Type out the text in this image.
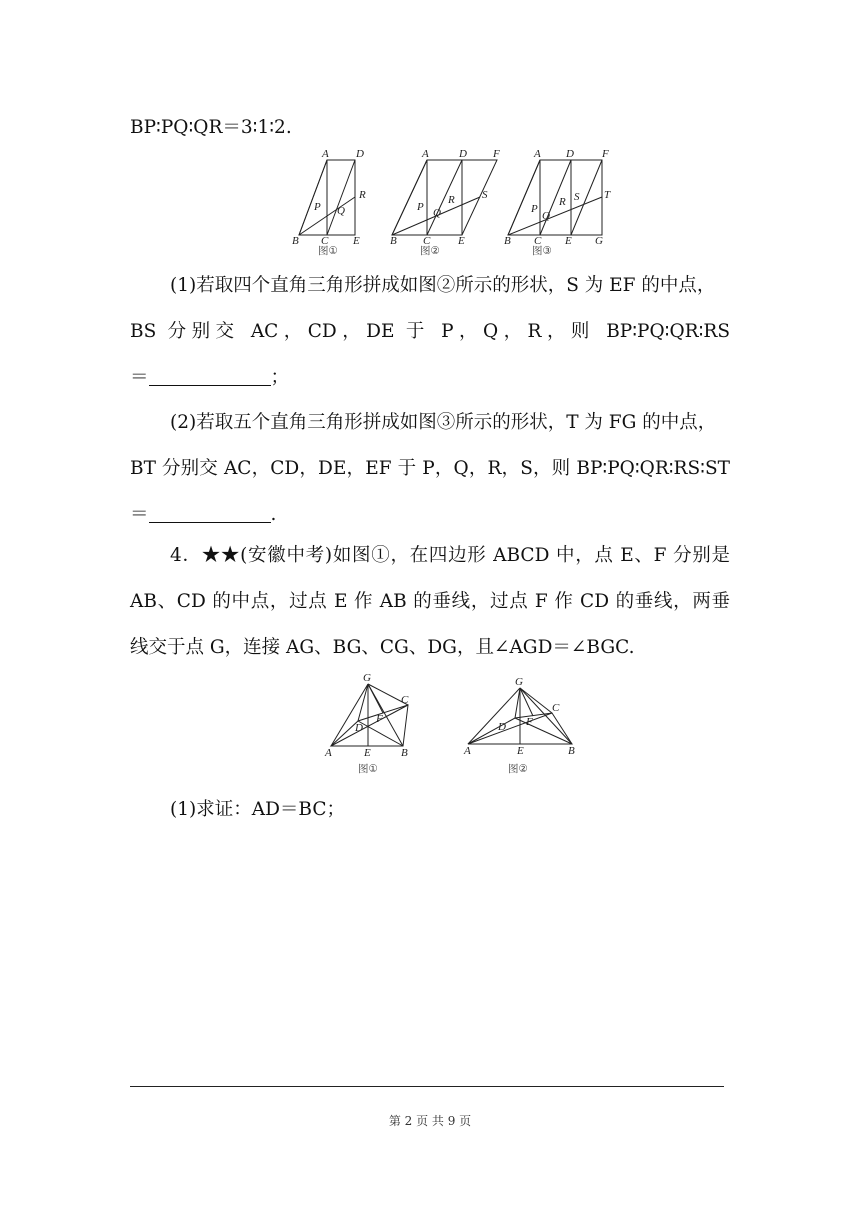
BP∶PQ∶QR＝3∶1∶2.
(1)若取四个直角三角形拼成如图②所示的形状，S 为 EF 的中点，
BS 分别交 AC，CD，DE 于 P，Q，R，则 BP∶PQ∶QR∶RS
＝	；
(2)若取五个直角三角形拼成如图③所示的形状，T 为 FG 的中点，
BT 分别交 AC，CD，DE，EF 于 P，Q，R，S，则 BP∶PQ∶QR∶RS∶ST
＝	.
4．★★(安徽中考)如图①，在四边形 ABCD 中，点 E、F 分别是
AB、CD 的中点，过点 E 作 AB 的垂线，过点 F 作 CD 的垂线，两垂
线交于点 G，连接 AG、BG、CG、DG，且∠AGD＝∠BGC.
(1)求证：AD＝BC；
A D
R
P Q
B C E
图①
A	D F
S
R
P Q
B C	E
图②
A D	F
T
S
R
P
Q
B C E G
图③
G
C
F
D
A	E	B
图①
G
C
F
D
A	E	B
图②
第 2 页 共 9 页
